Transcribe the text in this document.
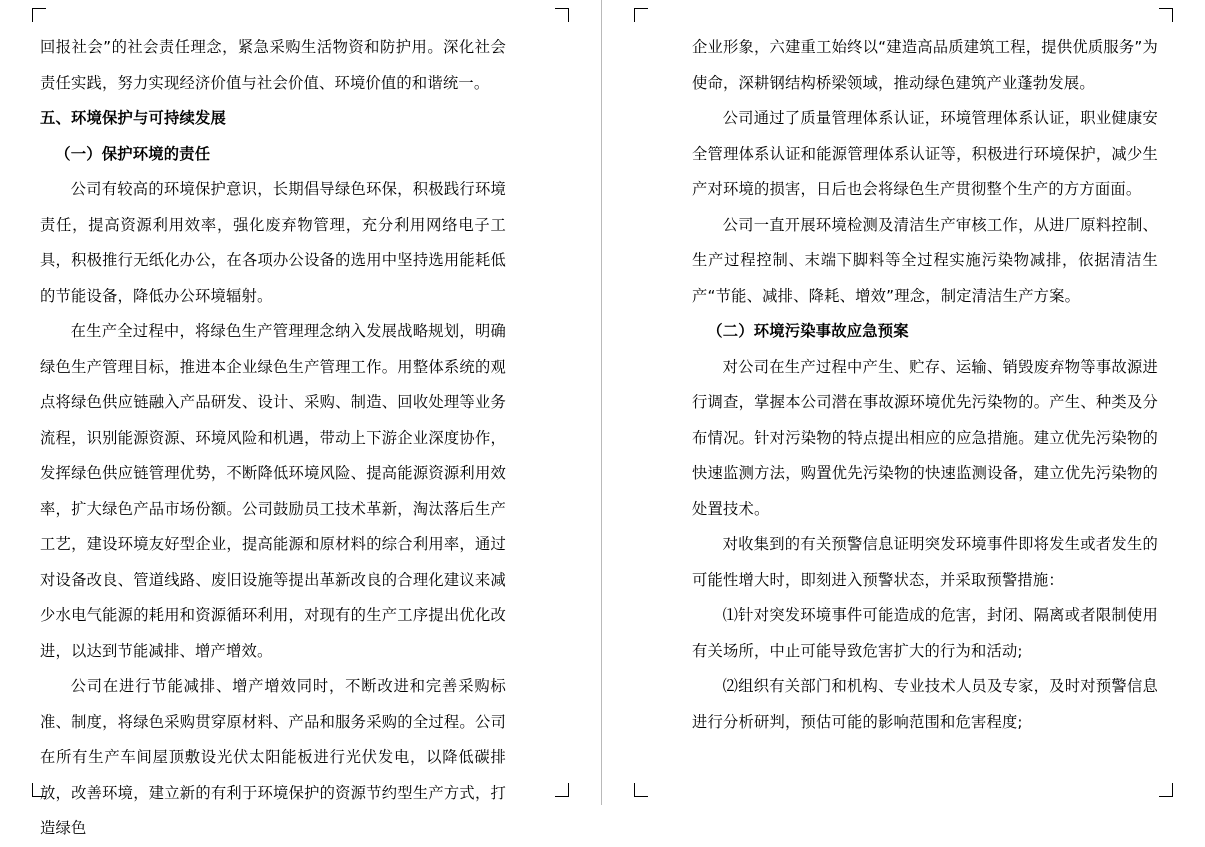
回报社会”的社会责任理念，紧急采购生活物资和防护用。深化社会责任实践，努力实现经济价值与社会价值、环境价值的和谐统一。

五、环境保护与可持续发展

（一）保护环境的责任

公司有较高的环境保护意识，长期倡导绿色环保，积极践行环境责任，提高资源利用效率，强化废弃物管理，充分利用网络电子工具，积极推行无纸化办公，在各项办公设备的选用中坚持选用能耗低的节能设备，降低办公环境辐射。

在生产全过程中，将绿色生产管理理念纳入发展战略规划，明确绿色生产管理目标，推进本企业绿色生产管理工作。用整体系统的观点将绿色供应链融入产品研发、设计、采购、制造、回收处理等业务流程，识别能源资源、环境风险和机遇，带动上下游企业深度协作，发挥绿色供应链管理优势，不断降低环境风险、提高能源资源利用效率，扩大绿色产品市场份额。公司鼓励员工技术革新，淘汰落后生产工艺，建设环境友好型企业，提高能源和原材料的综合利用率，通过对设备改良、管道线路、废旧设施等提出革新改良的合理化建议来减少水电气能源的耗用和资源循环利用，对现有的生产工序提出优化改进，以达到节能减排、增产增效。

公司在进行节能减排、增产增效同时，不断改进和完善采购标准、制度，将绿色采购贯穿原材料、产品和服务采购的全过程。公司在所有生产车间屋顶敷设光伏太阳能板进行光伏发电，以降低碳排放，改善环境，建立新的有利于环境保护的资源节约型生产方式，打造绿色

企业形象，六建重工始终以“建造高品质建筑工程，提供优质服务”为使命，深耕钢结构桥梁领域，推动绿色建筑产业蓬勃发展。

公司通过了质量管理体系认证，环境管理体系认证，职业健康安全管理体系认证和能源管理体系认证等，积极进行环境保护，减少生产对环境的损害，日后也会将绿色生产贯彻整个生产的方方面面。

公司一直开展环境检测及清洁生产审核工作，从进厂原料控制、生产过程控制、末端下脚料等全过程实施污染物减排，依据清洁生产“节能、减排、降耗、增效”理念，制定清洁生产方案。

（二）环境污染事故应急预案

对公司在生产过程中产生、贮存、运输、销毁废弃物等事故源进行调查，掌握本公司潜在事故源环境优先污染物的。产生、种类及分布情况。针对污染物的特点提出相应的应急措施。建立优先污染物的快速监测方法，购置优先污染物的快速监测设备，建立优先污染物的处置技术。

对收集到的有关预警信息证明突发环境事件即将发生或者发生的可能性增大时，即刻进入预警状态，并采取预警措施：

⑴针对突发环境事件可能造成的危害，封闭、隔离或者限制使用有关场所，中止可能导致危害扩大的行为和活动;

⑵组织有关部门和机构、专业技术人员及专家，及时对预警信息进行分析研判，预估可能的影响范围和危害程度;
